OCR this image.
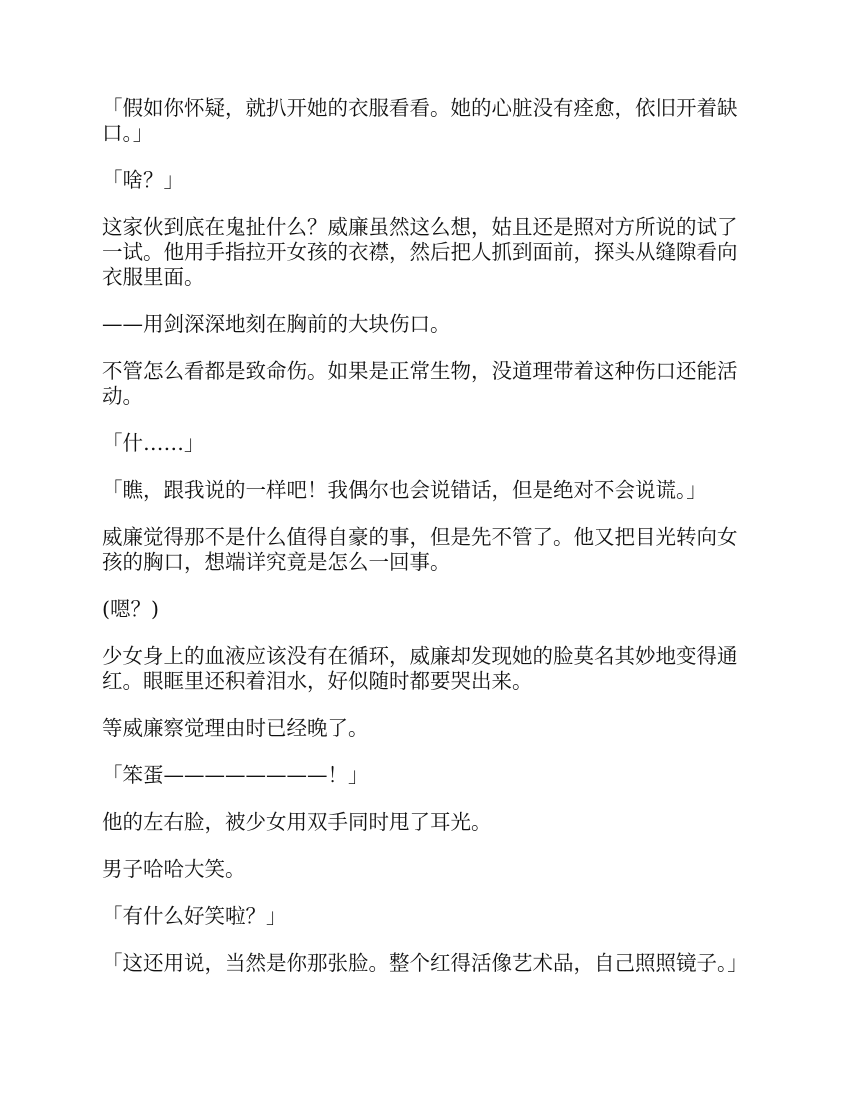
「假如你怀疑，就扒开她的衣服看看。她的心脏没有痊愈，依旧开着缺口。」

「啥？」

这家伙到底在鬼扯什么？威廉虽然这么想，姑且还是照对方所说的试了一试。他用手指拉开女孩的衣襟，然后把人抓到面前，探头从缝隙看向衣服里面。

——用剑深深地刻在胸前的大块伤口。

不管怎么看都是致命伤。如果是正常生物，没道理带着这种伤口还能活动。

「什……」

「瞧，跟我说的一样吧！我偶尔也会说错话，但是绝对不会说谎。」

威廉觉得那不是什么值得自豪的事，但是先不管了。他又把目光转向女孩的胸口，想端详究竟是怎么一回事。

(嗯？)

少女身上的血液应该没有在循环，威廉却发现她的脸莫名其妙地变得通红。眼眶里还积着泪水，好似随时都要哭出来。

等威廉察觉理由时已经晚了。

「笨蛋————————！」

他的左右脸，被少女用双手同时甩了耳光。

男子哈哈大笑。

「有什么好笑啦？」

「这还用说，当然是你那张脸。整个红得活像艺术品，自己照照镜子。」
